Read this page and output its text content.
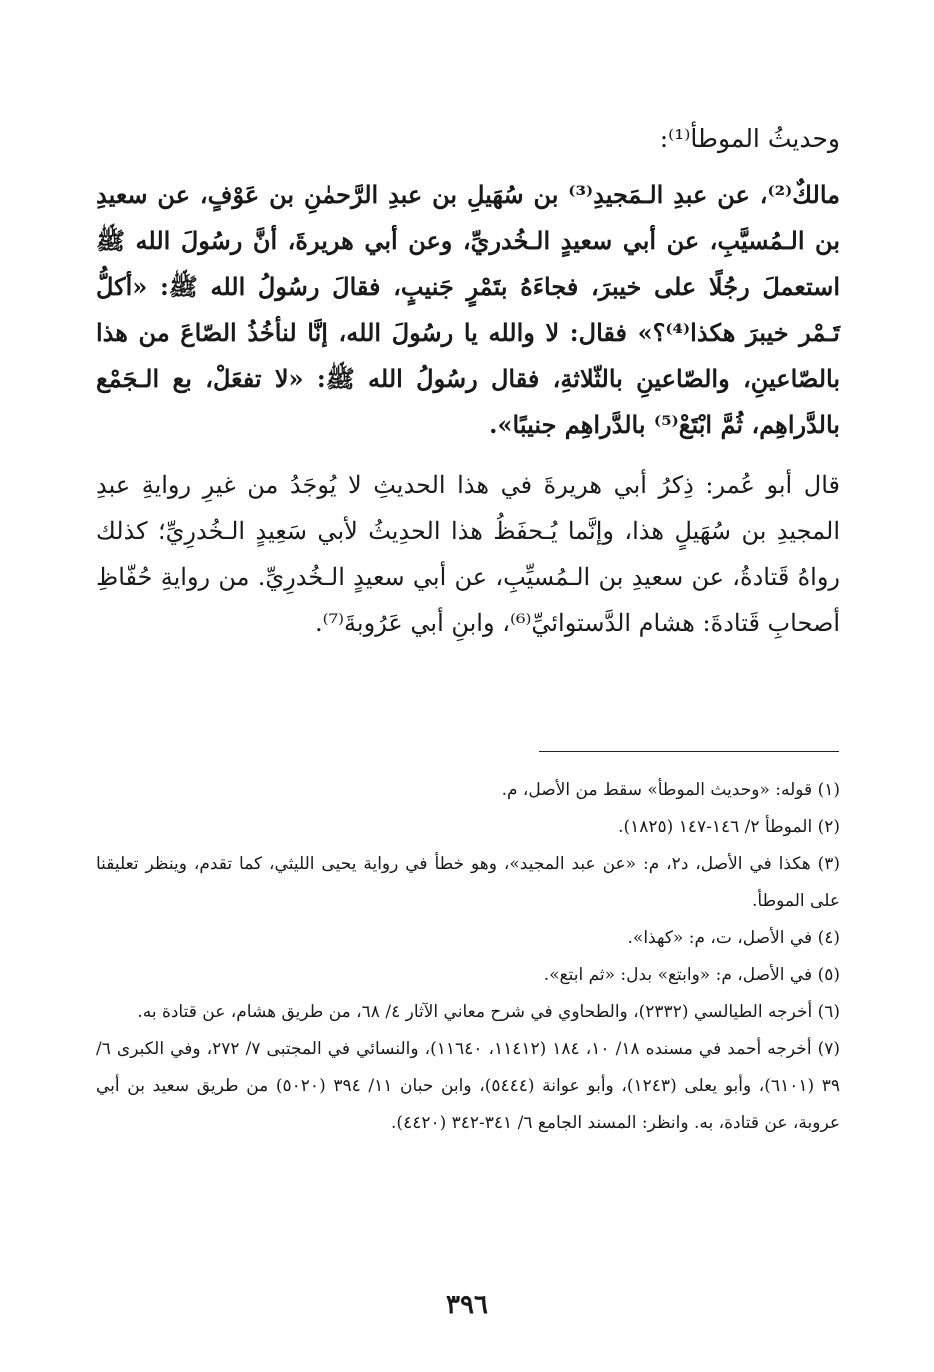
وحديثُ الموطأ⁽¹⁾:

مالكٌ⁽²⁾، عن عبدِ الـمَجيدِ⁽³⁾ بن سُهَيلِ بن عبدِ الرَّحمٰنِ بن عَوْفٍ، عن سعيدِ بن الـمُسيَّبِ، عن أبي سعيدٍ الـخُدريِّ، وعن أبي هريرةَ، أنَّ رسُولَ الله ﷺ استعملَ رجُلًا على خيبرَ، فجاءَهُ بتَمْرٍ جَنيبٍ، فقالَ رسُولُ الله ﷺ: «أكلُّ تَـمْر خيبرَ هكذا⁽⁴⁾؟» فقال: لا والله يا رسُولَ الله، إنَّا لنأخُذُ الصّاعَ من هذا بالصّاعينِ، والصّاعينِ بالثّلاثةِ، فقال رسُولُ الله ﷺ: «لا تفعَلْ، بع الـجَمْع بالدَّراهِم، ثُمَّ ابْتَعْ⁽⁵⁾ بالدَّراهِم جنيبًا».

قال أبو عُمر: ذِكرُ أبي هريرةَ في هذا الحديثِ لا يُوجَدُ من غيرِ روايةِ عبدِ المجيدِ بن سُهَيلٍ هذا، وإنَّما يُـحفَظُ هذا الحدِيثُ لأبي سَعِيدٍ الـخُدرِيِّ؛ كذلك رواهُ قَتادةُ، عن سعيدِ بن الـمُسيِّبِ، عن أبي سعيدٍ الـخُدرِيِّ. من روايةِ حُفّاظِ أصحابِ قَتادةَ: هشام الدَّستوائيِّ⁽⁶⁾، وابنِ أبي عَرُوبةَ⁽⁷⁾.

(١) قوله: «وحديث الموطأ» سقط من الأصل، م.

(٢) الموطأ ٢/ ١٤٦-١٤٧ (١٨٢٥).

(٣) هكذا في الأصل، د٢، م: «عن عبد المجيد»، وهو خطأ في رواية يحيى الليثي، كما تقدم، وينظر تعليقنا على الموطأ.

(٤) في الأصل، ت، م: «كهذا».

(٥) في الأصل، م: «وابتع» بدل: «ثم ابتع».

(٦) أخرجه الطيالسي (٢٣٣٢)، والطحاوي في شرح معاني الآثار ٤/ ٦٨، من طريق هشام، عن قتادة به.

(٧) أخرجه أحمد في مسنده ١٨/ ١٠، ١٨٤ (١١٤١٢، ١١٦٤٠)، والنسائي في المجتبى ٧/ ٢٧٢، وفي الكبرى ٦/ ٣٩ (٦١٠١)، وأبو يعلى (١٢٤٣)، وأبو عوانة (٥٤٤٤)، وابن حبان ١١/ ٣٩٤ (٥٠٢٠) من طريق سعيد بن أبي عروبة، عن قتادة، به. وانظر: المسند الجامع ٦/ ٣٤١-٣٤٢ (٤٤٢٠).

٣٩٦
